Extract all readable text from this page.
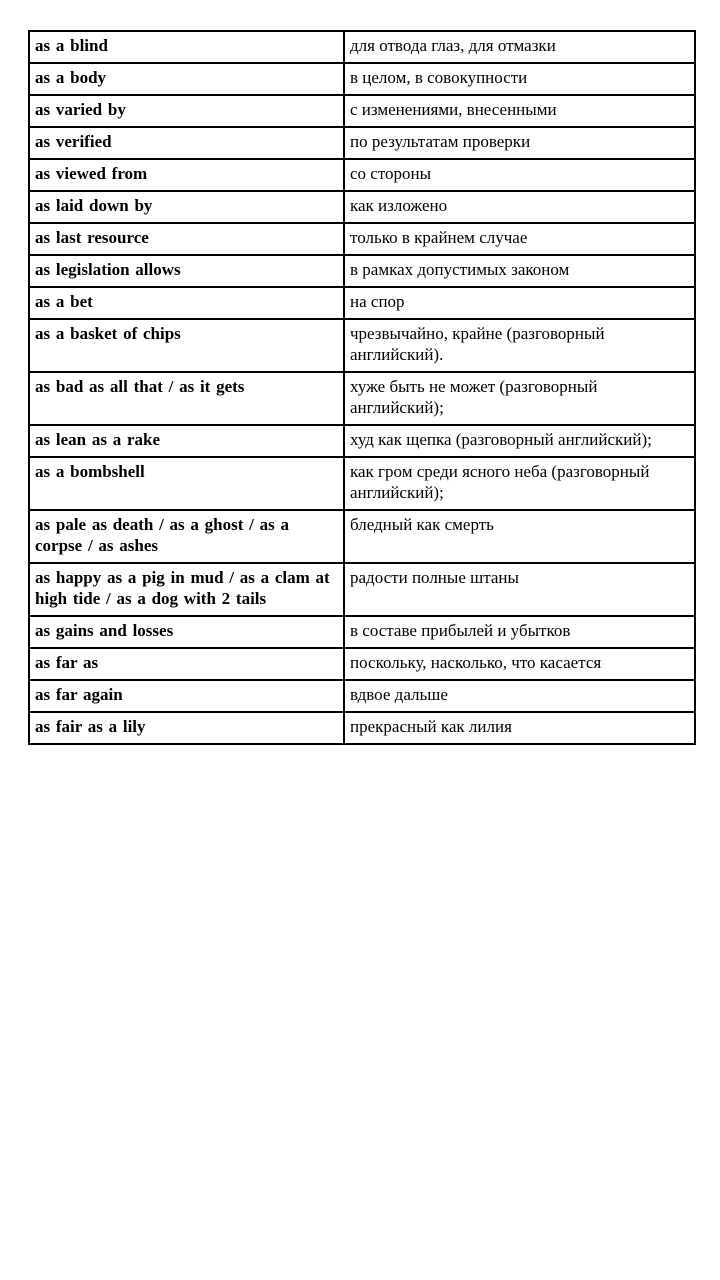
as a blind	для отвода глаз, для отмазки
as a body	в целом, в совокупности
as varied by	с изменениями, внесенными
as verified	по результатам проверки
as viewed from	со стороны
as laid down by	как изложено
as last resource	только в крайнем случае
as legislation allows	в рамках допустимых законом
as a bet	на спор
as a basket of chips	чрезвычайно, крайне (разговорный английский).
as bad as all that / as it gets	хуже быть не может (разговорный английский);
as lean as a rake	худ как щепка (разговорный английский);
as a bombshell	как гром среди ясного неба (разговорный английский);
as pale as death / as a ghost / as a corpse / as ashes	бледный как смерть
as happy as a pig in mud / as a clam at high tide / as a dog with 2 tails	радости полные штаны
as gains and losses	в составе прибылей и убытков
as far as	поскольку, насколько, что касается
as far again	вдвое дальше
as fair as a lily	прекрасный как лилия
